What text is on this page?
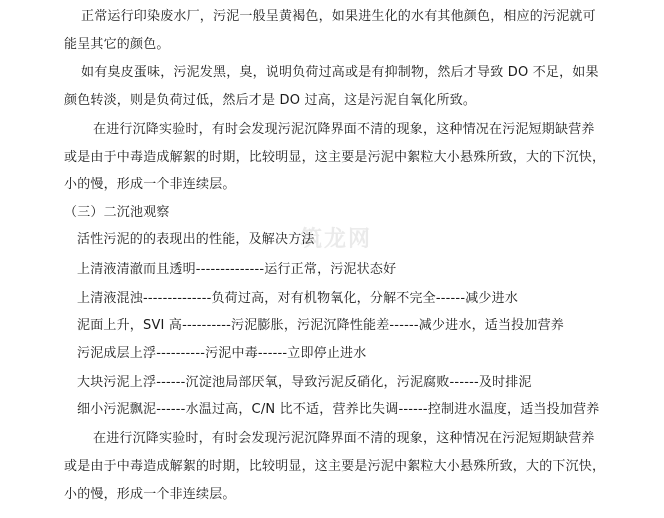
筑龙网
正常运行印染废水厂，污泥一般呈黄褐色，如果进生化的水有其他颜色，相应的污泥就可
能呈其它的颜色。
如有臭皮蛋味，污泥发黑，臭，说明负荷过高或是有抑制物，然后才导致 DO 不足，如果
颜色转淡，则是负荷过低，然后才是 DO 过高，这是污泥自氧化所致。
在进行沉降实验时，有时会发现污泥沉降界面不清的现象，这种情况在污泥短期缺营养
或是由于中毒造成解絮的时期，比较明显，这主要是污泥中絮粒大小悬殊所致，大的下沉快，
小的慢，形成一个非连续层。
（三）二沉池观察
活性污泥的的表现出的性能，及解决方法
上清液清澈而且透明--------------运行正常，污泥状态好
上清液混浊--------------负荷过高，对有机物氧化，分解不完全------减少进水
泥面上升，SVI 高----------污泥膨胀，污泥沉降性能差------减少进水，适当投加营养
污泥成层上浮----------污泥中毒------立即停止进水
大块污泥上浮------沉淀池局部厌氧，导致污泥反硝化，污泥腐败------及时排泥
细小污泥飘泥------水温过高，C/N 比不适，营养比失调------控制进水温度，适当投加营养
在进行沉降实验时，有时会发现污泥沉降界面不清的现象，这种情况在污泥短期缺营养
或是由于中毒造成解絮的时期，比较明显，这主要是污泥中絮粒大小悬殊所致，大的下沉快，
小的慢，形成一个非连续层。
